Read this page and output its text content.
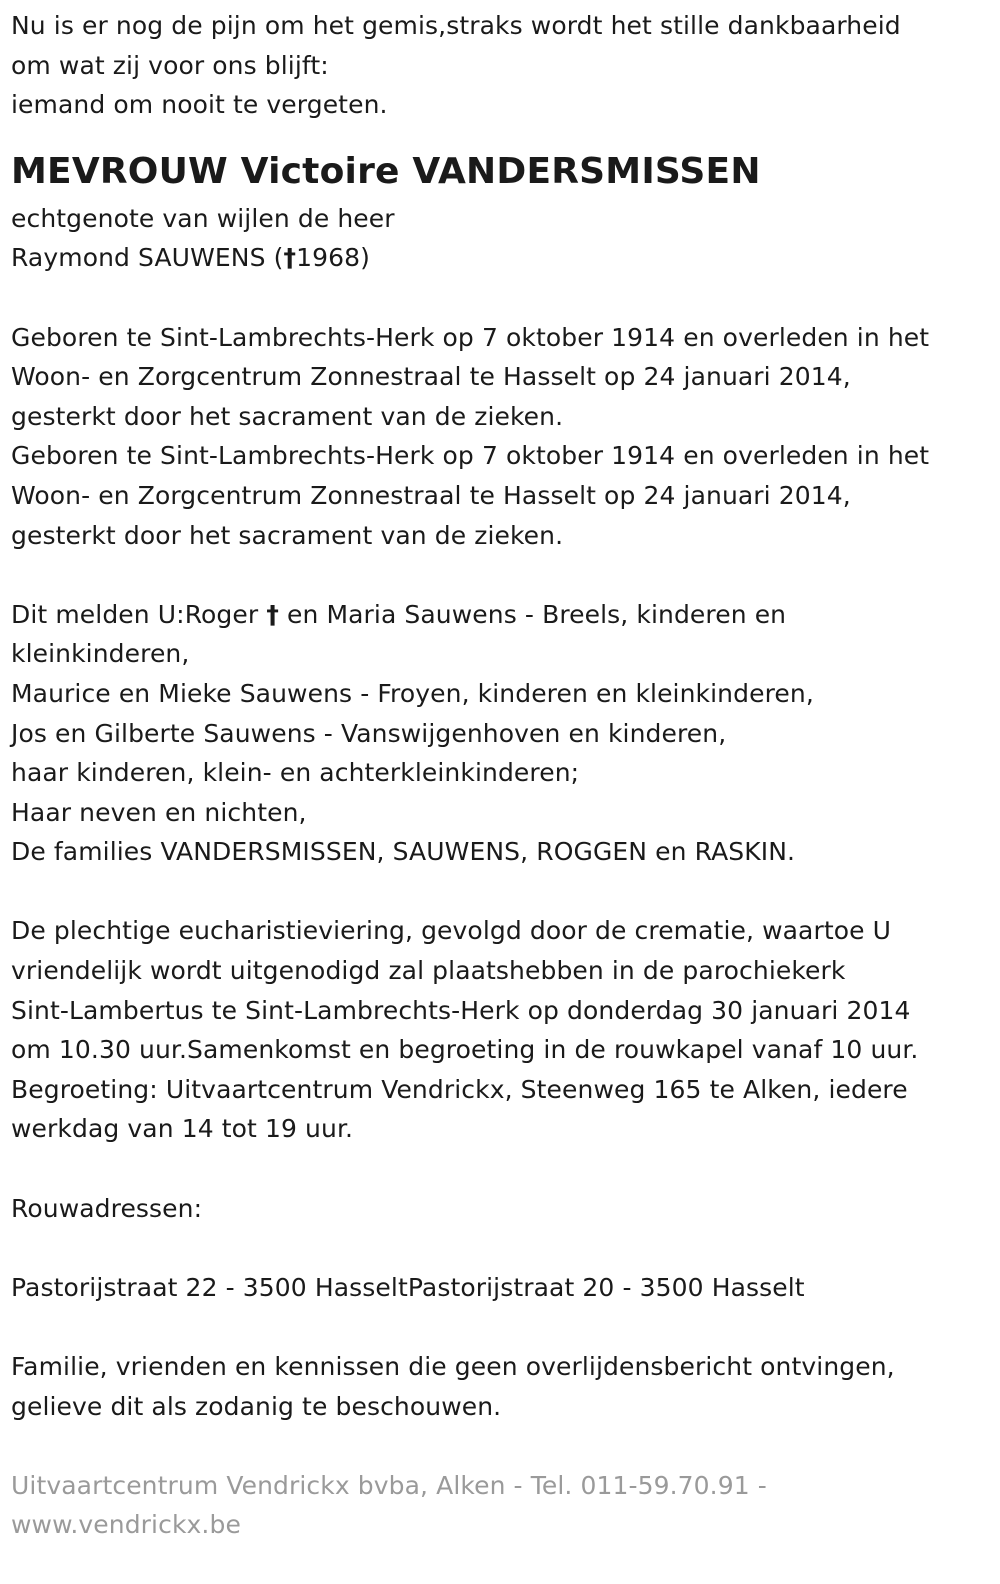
Nu is er nog de pijn om het gemis,straks wordt het stille dankbaarheid
om wat zij voor ons blijft:
iemand om nooit te vergeten.
MEVROUW Victoire VANDERSMISSEN
echtgenote van wijlen de heer
Raymond SAUWENS (†1968)
Geboren te Sint-Lambrechts-Herk op 7 oktober 1914 en overleden in het
Woon- en Zorgcentrum Zonnestraal te Hasselt op 24 januari 2014,
gesterkt door het sacrament van de zieken.
Geboren te Sint-Lambrechts-Herk op 7 oktober 1914 en overleden in het
Woon- en Zorgcentrum Zonnestraal te Hasselt op 24 januari 2014,
gesterkt door het sacrament van de zieken.
Dit melden U:Roger † en Maria Sauwens - Breels, kinderen en
kleinkinderen,
Maurice en Mieke Sauwens - Froyen, kinderen en kleinkinderen,
Jos en Gilberte Sauwens - Vanswijgenhoven en kinderen,
haar kinderen, klein- en achterkleinkinderen;
Haar neven en nichten,
De families VANDERSMISSEN, SAUWENS, ROGGEN en RASKIN.
De plechtige eucharistieviering, gevolgd door de crematie, waartoe U
vriendelijk wordt uitgenodigd zal plaatshebben in de parochiekerk
Sint-Lambertus te Sint-Lambrechts-Herk op donderdag 30 januari 2014
om 10.30 uur.Samenkomst en begroeting in de rouwkapel vanaf 10 uur.
Begroeting: Uitvaartcentrum Vendrickx, Steenweg 165 te Alken, iedere
werkdag van 14 tot 19 uur.
Rouwadressen:
Pastorijstraat 22 - 3500 HasseltPastorijstraat 20 - 3500 Hasselt
Familie, vrienden en kennissen die geen overlijdensbericht ontvingen,
gelieve dit als zodanig te beschouwen.
Uitvaartcentrum Vendrickx bvba, Alken - Tel. 011-59.70.91 -
www.vendrickx.be
